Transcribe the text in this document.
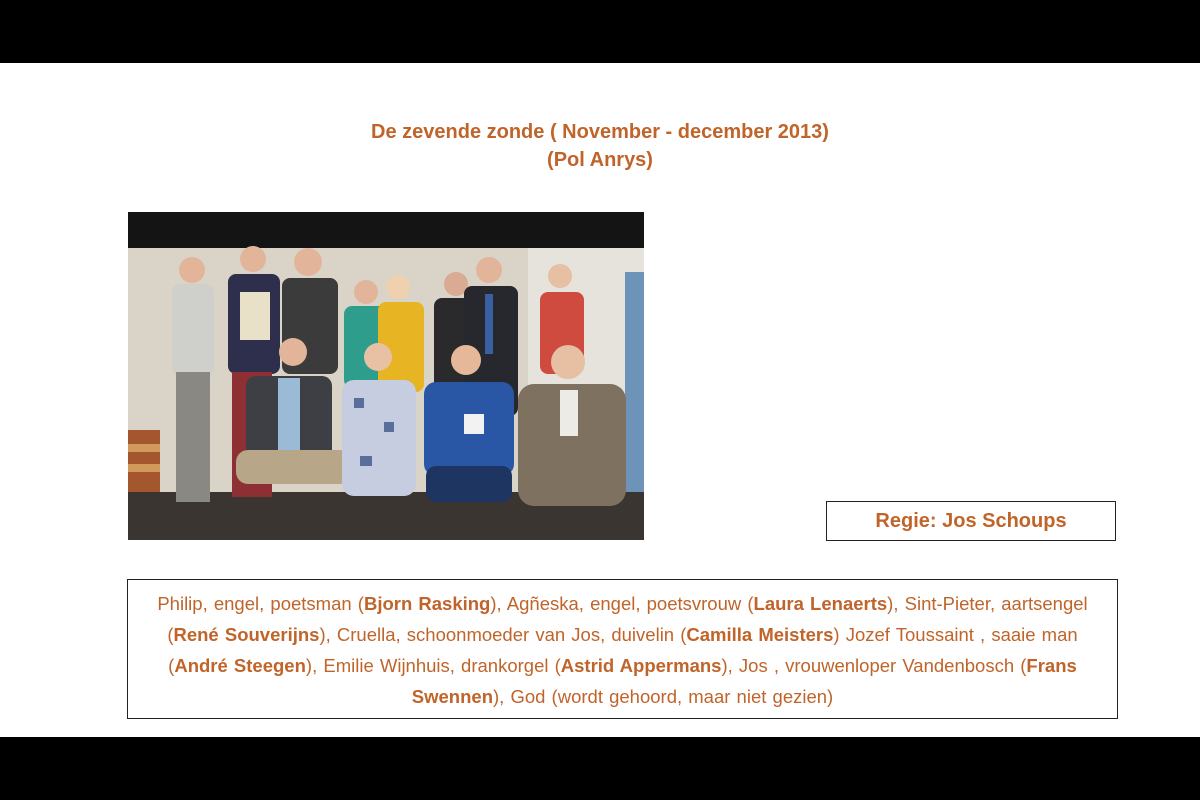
De zevende zonde ( November - december 2013)
(Pol Anrys)
Regie: Jos Schoups
Philip, engel, poetsman (Bjorn Rasking), Agñeska, engel, poetsvrouw (Laura Lenaerts), Sint-Pieter, aartsengel (René Souverijns), Cruella, schoonmoeder van Jos, duivelin (Camilla Meisters) Jozef Toussaint , saaie man (André Steegen), Emilie Wijnhuis, drankorgel (Astrid Appermans), Jos , vrouwenloper Vandenbosch (Frans Swennen), God (wordt gehoord, maar niet gezien)
